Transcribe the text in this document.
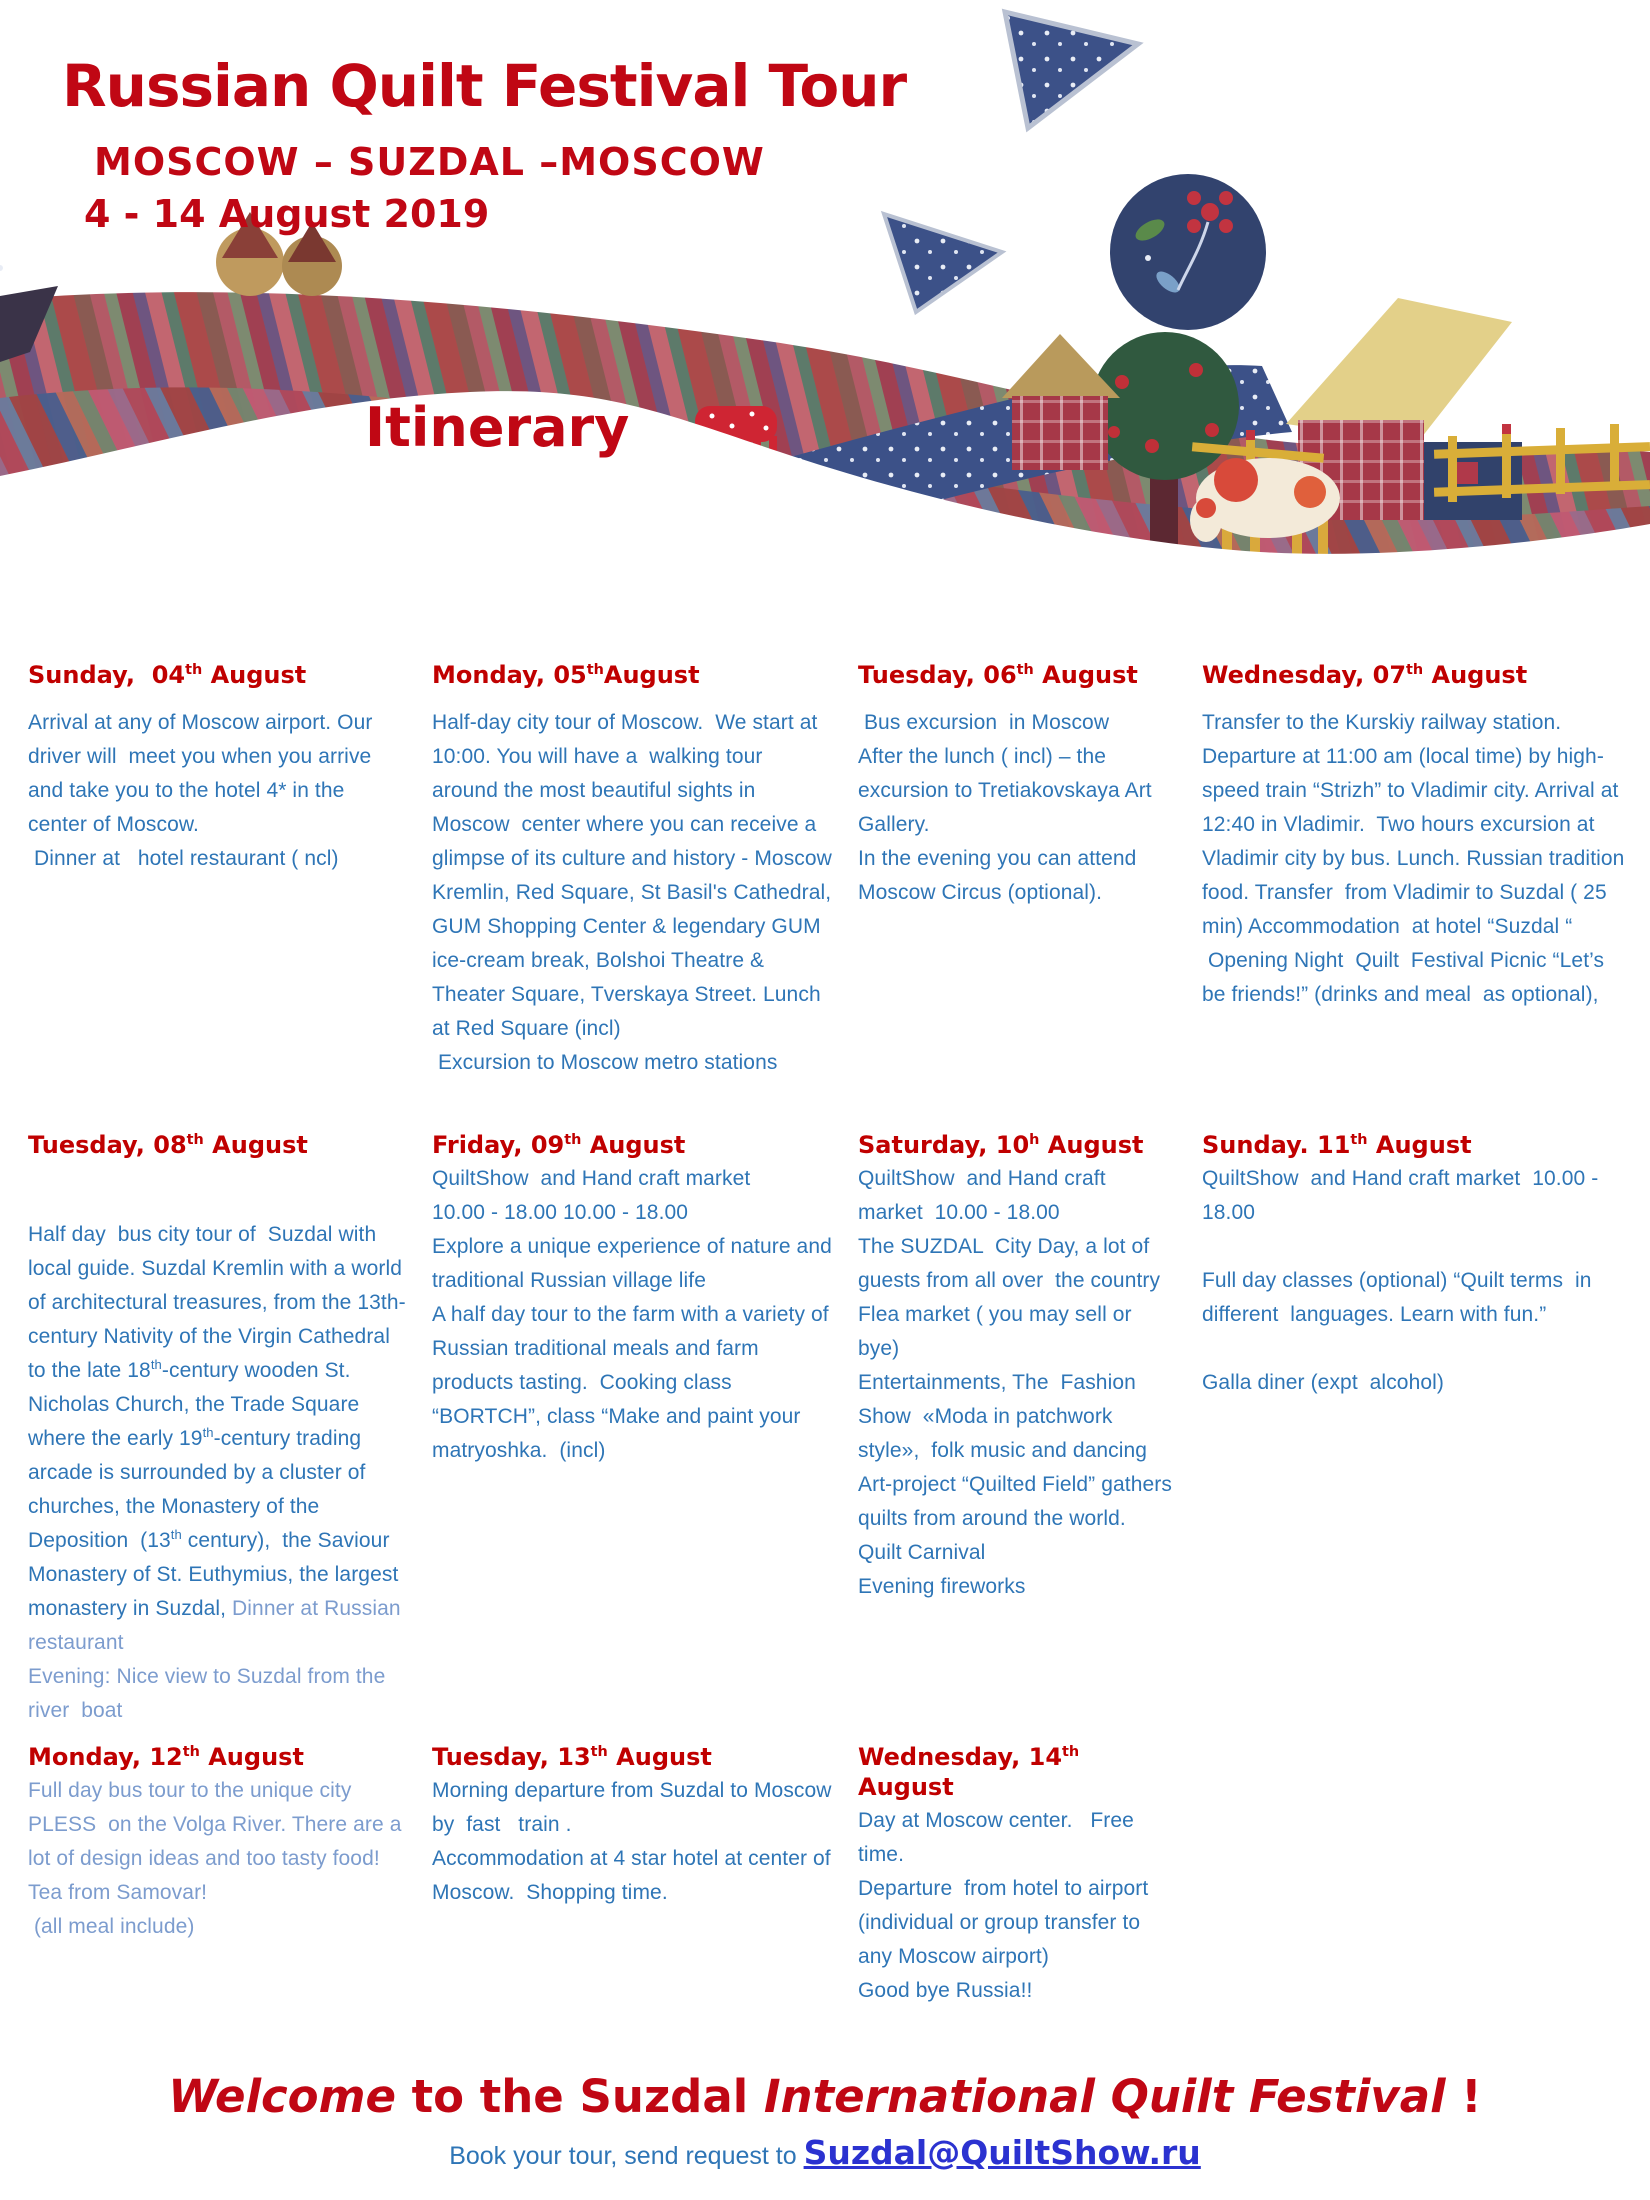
Russian Quilt Festival Tour
MOSCOW – SUZDAL –MOSCOW
4 - 14 August 2019
Itinerary
Sunday,  04th August

Arrival at any of Moscow airport. Our driver will  meet you when you arrive and take you to the hotel 4* in the center of Moscow.

Dinner at   hotel restaurant ( ncl)

Monday, 05thAugust

Half-day city tour of Moscow.  We start at 10:00. You will have a  walking tour around the most beautiful sights in Moscow  center where you can receive a glimpse of its culture and history - Moscow Kremlin, Red Square, St Basil's Cathedral, GUM Shopping Center & legendary GUM ice-cream break, Bolshoi Theatre & Theater Square, Tverskaya Street. Lunch  at Red Square (incl)

Excursion to Moscow metro stations

Tuesday, 06th August

Bus excursion  in Moscow

After the lunch ( incl) – the excursion to Tretiakovskaya Art Gallery.

In the evening you can attend Moscow Circus (optional).

Wednesday, 07th August

Transfer to the Kurskiy railway station. Departure at 11:00 am (local time) by high-speed train “Strizh” to Vladimir city. Arrival at 12:40 in Vladimir.  Two hours excursion at  Vladimir city by bus. Lunch. Russian tradition food. Transfer  from Vladimir to Suzdal ( 25 min) Accommodation  at hotel “Suzdal “

Opening Night  Quilt  Festival Picnic “Let’s be friends!” (drinks and meal  as optional),

Tuesday, 08th August

Half day  bus city tour of  Suzdal with local guide. Suzdal Kremlin with a world of architectural treasures, from the 13th-century Nativity of the Virgin Cathedral to the late 18th-century wooden St. Nicholas Church, the Trade Square where the early 19th-century trading arcade is surrounded by a cluster of churches, the Monastery of the Deposition  (13th century),  the Saviour Monastery of St. Euthymius, the largest monastery in Suzdal, Dinner at Russian  restaurant

Evening: Nice view to Suzdal from the river  boat

Friday, 09th August

QuiltShow  and Hand craft market

10.00 - 18.00 10.00 - 18.00

Explore a unique experience of nature and traditional Russian village life

A half day tour to the farm with a variety of  Russian traditional meals and farm products tasting.  Cooking class “BORTCH”, class “Make and paint your matryoshka.  (incl)

Saturday, 10$^h$ August

QuiltShow  and Hand craft market  10.00 - 18.00

The SUZDAL  City Day, a lot of guests from all over  the country

Flea market ( you may sell or bye)

Entertainments, The  Fashion Show  «Moda in patchwork style»,  folk music and dancing

Art-project “Quilted Field” gathers quilts from around the world.  Quilt Carnival

Evening fireworks

Sunday. 11th August

QuiltShow  and Hand craft market  10.00 - 18.00

Full day classes (optional) “Quilt terms  in  different  languages. Learn with fun.”

Galla diner (expt  alcohol)

Monday, 12th August

Full day bus tour to the unique city PLESS  on the Volga River. There are a lot of design ideas and too tasty food! Tea from Samovar!

(all meal include)

Tuesday, 13th August

Morning departure from Suzdal to Moscow by  fast   train .

Accommodation at 4 star hotel at center of Moscow.  Shopping time.

Wednesday, 14th August

Day at Moscow center.   Free time.

Departure  from hotel to airport (individual or group transfer to any Moscow airport)

Good bye Russia!!

Welcome to the Suzdal International Quilt Festival !

Book your tour, send request to Suzdal@QuiltShow.ru
